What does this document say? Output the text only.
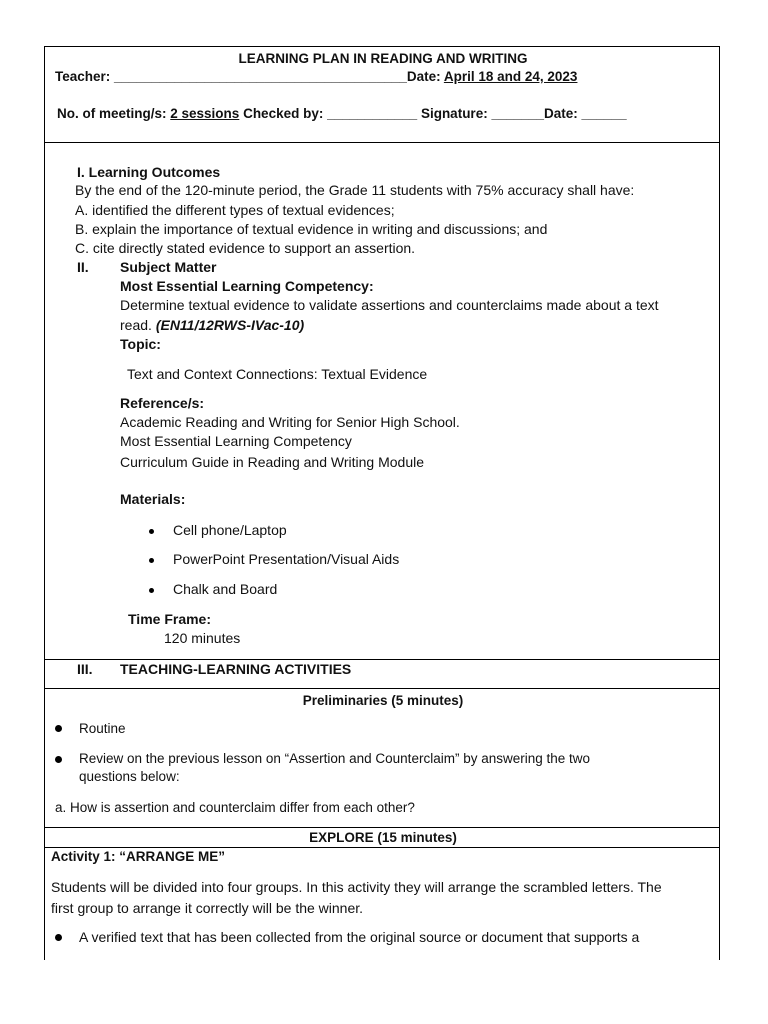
LEARNING PLAN IN READING AND WRITING
Teacher: _______________________________________Date: April 18 and 24, 2023
No. of meeting/s: 2 sessions Checked by: ____________ Signature: _______Date: ______
I. Learning Outcomes
By the end of the 120-minute period, the Grade 11 students with 75% accuracy shall have:
A. identified the different types of textual evidences;
B. explain the importance of textual evidence in writing and discussions; and
C. cite directly stated evidence to support an assertion.
II. Subject Matter
Most Essential Learning Competency:
Determine textual evidence to validate assertions and counterclaims made about a text
read. (EN11/12RWS-IVac-10)
Topic:
Text and Context Connections: Textual Evidence
Reference/s:
Academic Reading and Writing for Senior High School.
Most Essential Learning Competency
Curriculum Guide in Reading and Writing Module
Materials:
Cell phone/Laptop
PowerPoint Presentation/Visual Aids
Chalk and Board
Time Frame:
120 minutes
III. TEACHING-LEARNING ACTIVITIES
Preliminaries (5 minutes)
Routine
Review on the previous lesson on “Assertion and Counterclaim” by answering the two
questions below:
a. How is assertion and counterclaim differ from each other?
EXPLORE (15 minutes)
Activity 1: “ARRANGE ME”
Students will be divided into four groups. In this activity they will arrange the scrambled letters. The
first group to arrange it correctly will be the winner.
A verified text that has been collected from the original source or document that supports a
